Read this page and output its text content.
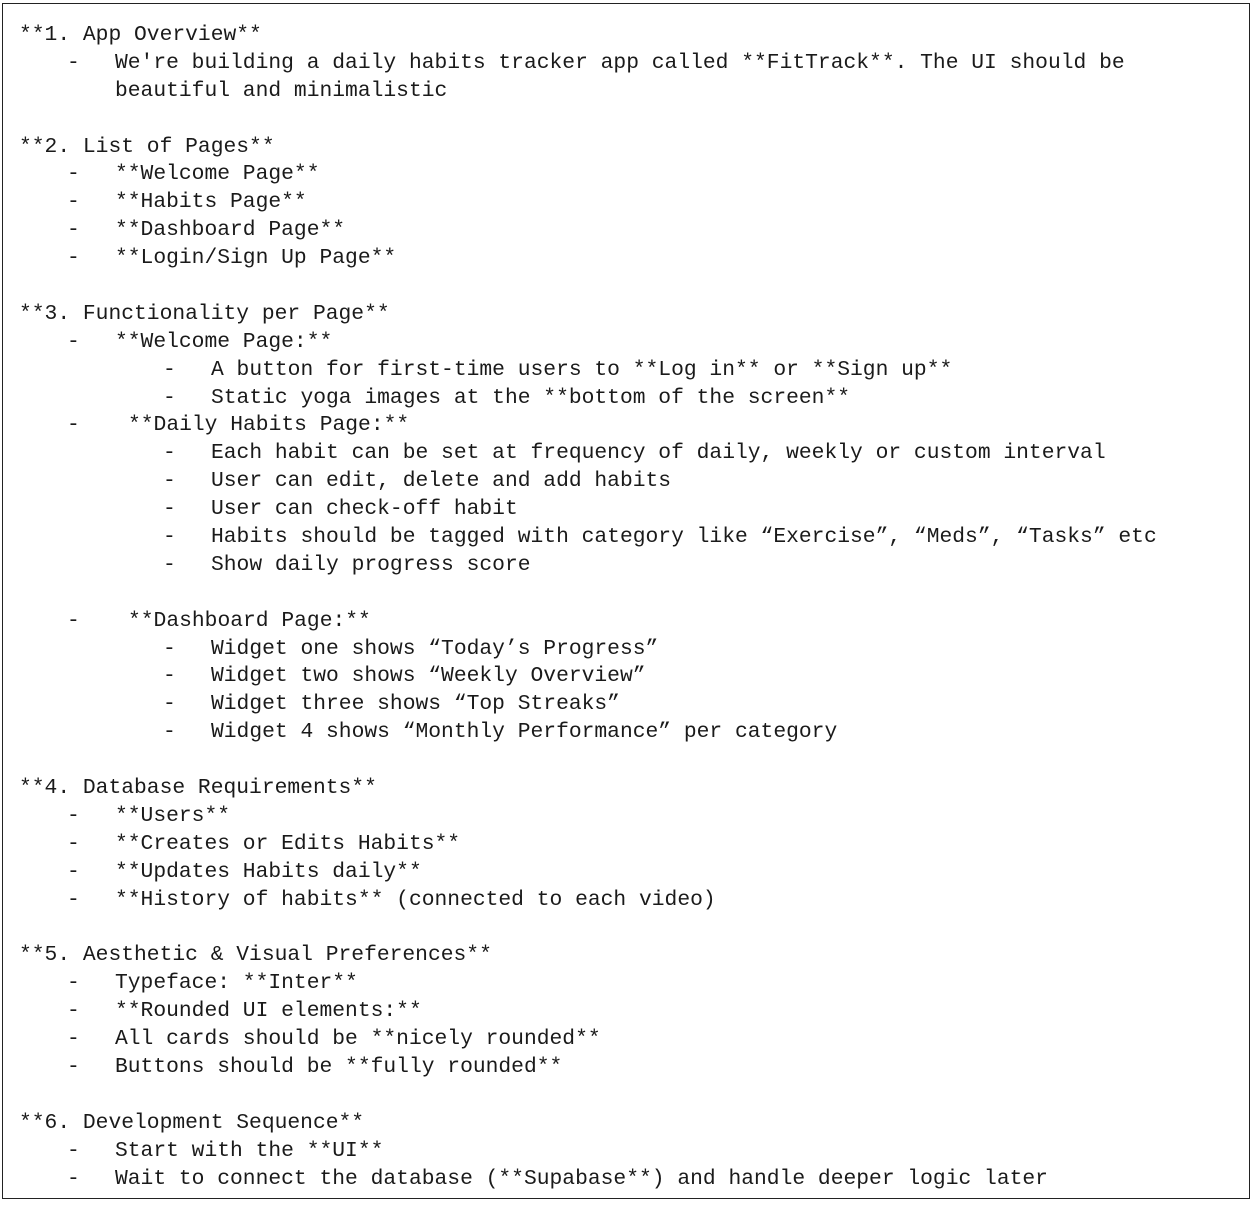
**1. App Overview**
- We're building a daily habits tracker app called **FitTrack**. The UI should be
beautiful and minimalistic
**2. List of Pages**
- **Welcome Page**
- **Habits Page**
- **Dashboard Page**
- **Login/Sign Up Page**
**3. Functionality per Page**
- **Welcome Page:**
- A button for first-time users to **Log in** or **Sign up**
- Static yoga images at the **bottom of the screen**
- **Daily Habits Page:**
- Each habit can be set at frequency of daily, weekly or custom interval
- User can edit, delete and add habits
- User can check-off habit
- Habits should be tagged with category like “Exercise”, “Meds”, “Tasks” etc
- Show daily progress score
- **Dashboard Page:**
- Widget one shows “Today’s Progress”
- Widget two shows “Weekly Overview”
- Widget three shows “Top Streaks”
- Widget 4 shows “Monthly Performance” per category
**4. Database Requirements**
- **Users**
- **Creates or Edits Habits**
- **Updates Habits daily**
- **History of habits** (connected to each video)
**5. Aesthetic & Visual Preferences**
- Typeface: **Inter**
- **Rounded UI elements:**
- All cards should be **nicely rounded**
- Buttons should be **fully rounded**
**6. Development Sequence**
- Start with the **UI**
- Wait to connect the database (**Supabase**) and handle deeper logic later
